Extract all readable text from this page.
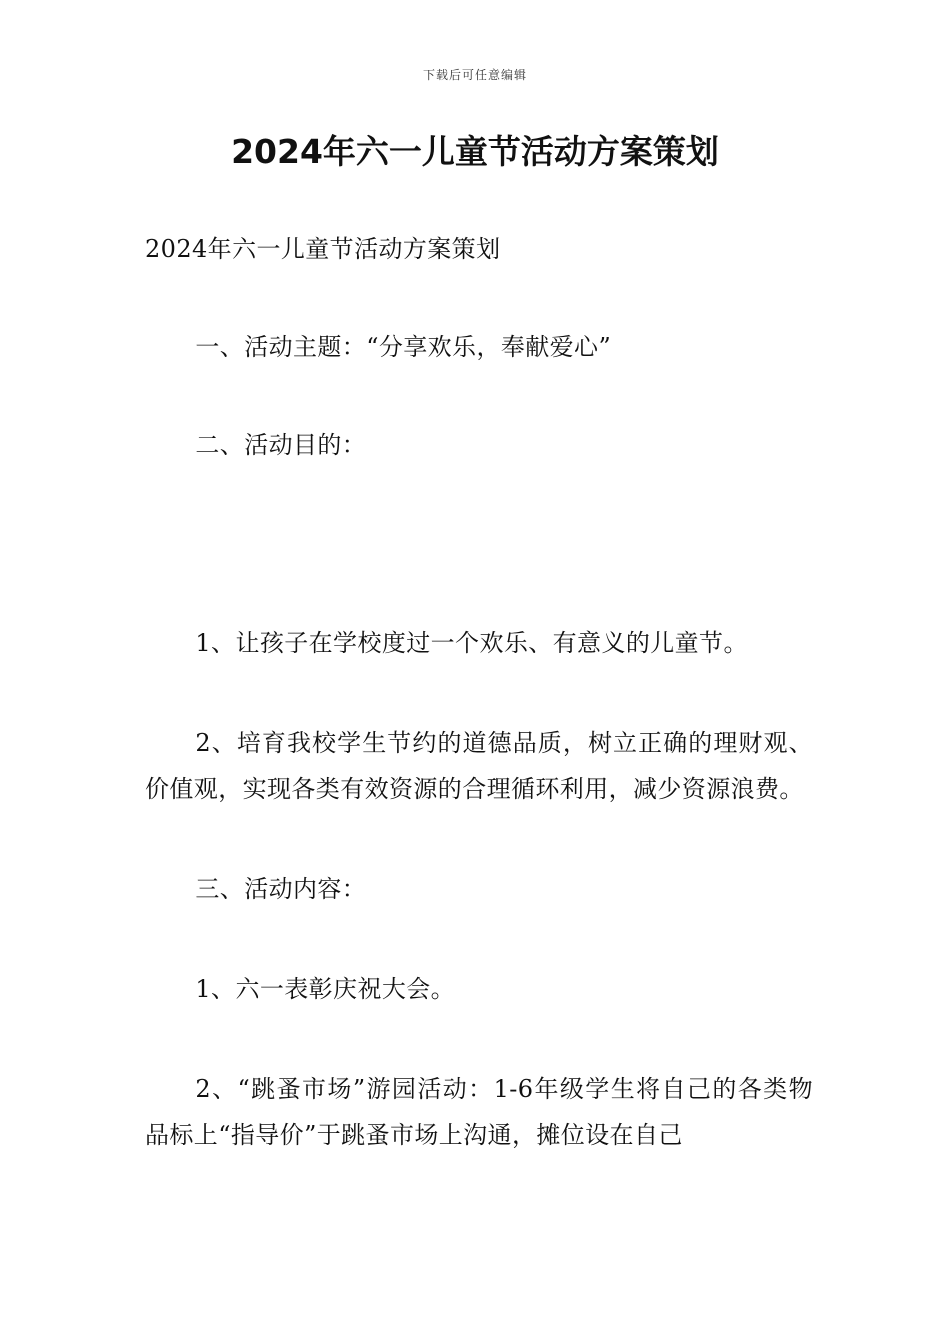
下载后可任意编辑
2024年六一儿童节活动方案策划

2024年六一儿童节活动方案策划

一、活动主题：“分享欢乐，奉献爱心”

二、活动目的：

1、让孩子在学校度过一个欢乐、有意义的儿童节。

2、培育我校学生节约的道德品质，树立正确的理财观、价值观，实现各类有效资源的合理循环利用，减少资源浪费。

三、活动内容：

1、六一表彰庆祝大会。

2、“跳蚤市场”游园活动：1-6年级学生将自己的各类物品标上“指导价”于跳蚤市场上沟通，摊位设在自己
